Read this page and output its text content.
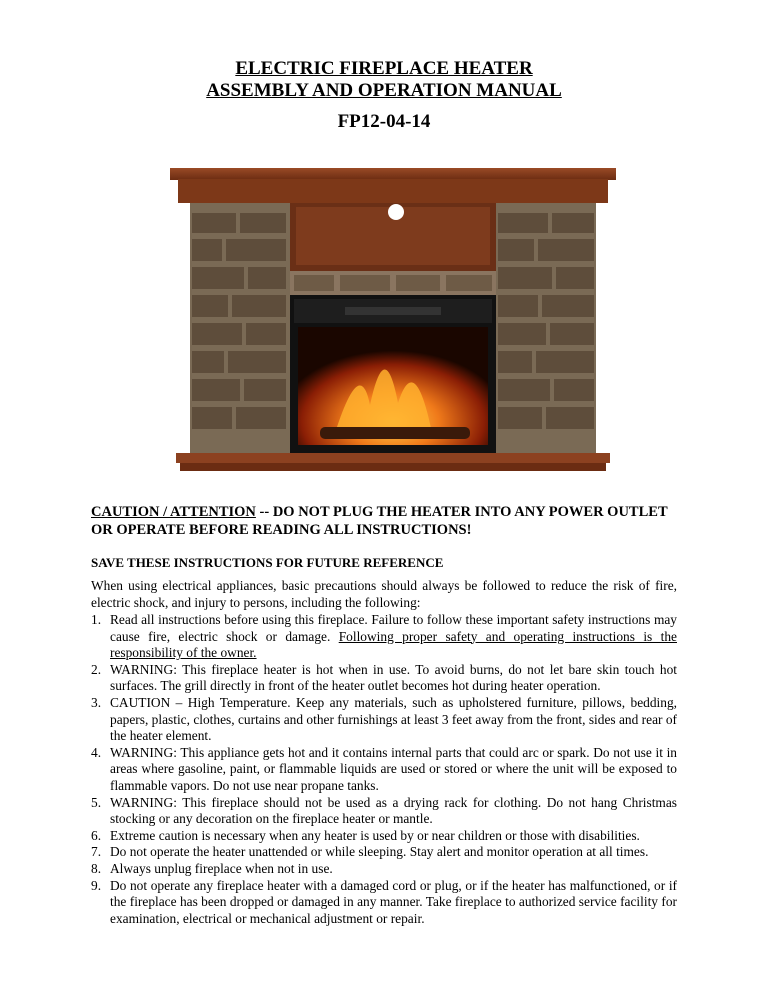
ELECTRIC FIREPLACE HEATER
ASSEMBLY AND OPERATION MANUAL
FP12-04-14
CAUTION / ATTENTION -- DO NOT PLUG THE HEATER INTO ANY POWER OUTLET OR OPERATE BEFORE READING ALL INSTRUCTIONS!
SAVE THESE INSTRUCTIONS FOR FUTURE REFERENCE
When using electrical appliances, basic precautions should always be followed to reduce the risk of fire, electric shock, and injury to persons, including the following:
1. Read all instructions before using this fireplace. Failure to follow these important safety instructions may cause fire, electric shock or damage. Following proper safety and operating instructions is the responsibility of the owner.
2. WARNING: This fireplace heater is hot when in use. To avoid burns, do not let bare skin touch hot surfaces. The grill directly in front of the heater outlet becomes hot during heater operation.
3. CAUTION – High Temperature. Keep any materials, such as upholstered furniture, pillows, bedding, papers, plastic, clothes, curtains and other furnishings at least 3 feet away from the front, sides and rear of the heater element.
4. WARNING: This appliance gets hot and it contains internal parts that could arc or spark. Do not use it in areas where gasoline, paint, or flammable liquids are used or stored or where the unit will be exposed to flammable vapors. Do not use near propane tanks.
5. WARNING: This fireplace should not be used as a drying rack for clothing. Do not hang Christmas stocking or any decoration on the fireplace heater or mantle.
6. Extreme caution is necessary when any heater is used by or near children or those with disabilities.
7. Do not operate the heater unattended or while sleeping. Stay alert and monitor operation at all times.
8. Always unplug fireplace when not in use.
9. Do not operate any fireplace heater with a damaged cord or plug, or if the heater has malfunctioned, or if the fireplace has been dropped or damaged in any manner. Take fireplace to authorized service facility for examination, electrical or mechanical adjustment or repair.
